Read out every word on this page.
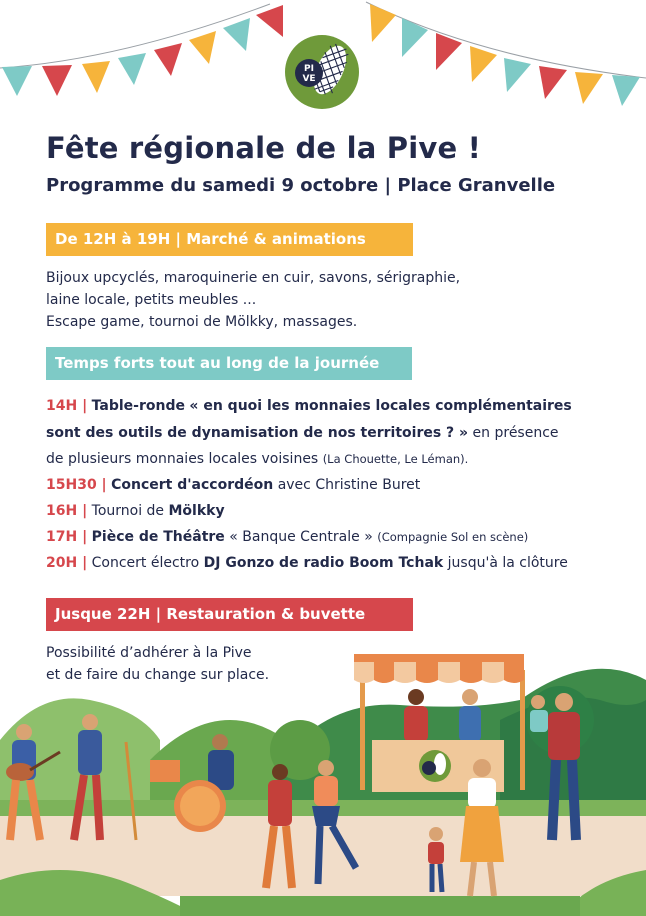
PI
VE
Fête régionale de la Pive !
Programme du samedi 9 octobre | Place Granvelle
De 12H à 19H | Marché & animations
Bijoux upcyclés, maroquinerie en cuir, savons, sérigraphie,
laine locale, petits meubles ...
Escape game, tournoi de Mölkky, massages.
Temps forts tout au long de la journée
14H | Table-ronde « en quoi les monnaies locales complémentaires
sont des outils de dynamisation de nos territoires ? » en présence
de plusieurs monnaies locales voisines (La Chouette, Le Léman).
15H30 | Concert d'accordéon avec Christine Buret
16H | Tournoi de Mölkky
17H | Pièce de Théâtre « Banque Centrale » (Compagnie Sol en scène)
20H | Concert électro DJ Gonzo de radio Boom Tchak jusqu'à la clôture
Jusque 22H | Restauration & buvette
Possibilité d’adhérer à la Pive
et de faire du change sur place.
